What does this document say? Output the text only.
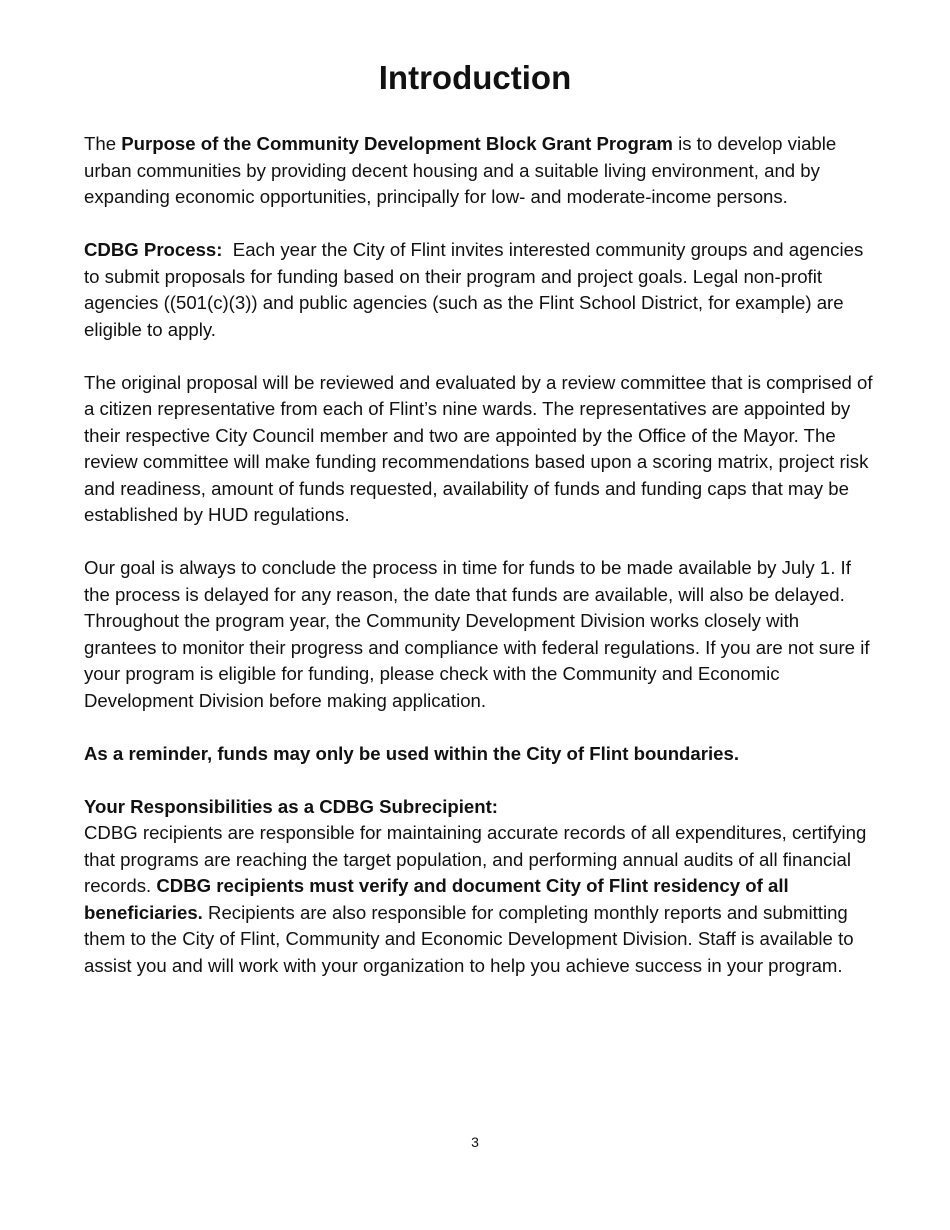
Introduction

The Purpose of the Community Development Block Grant Program is to develop viable urban communities by providing decent housing and a suitable living environment, and by expanding economic opportunities, principally for low- and moderate-income persons.

CDBG Process:  Each year the City of Flint invites interested community groups and agencies to submit proposals for funding based on their program and project goals. Legal non-profit agencies ((501(c)(3)) and public agencies (such as the Flint School District, for example) are eligible to apply.

The original proposal will be reviewed and evaluated by a review committee that is comprised of a citizen representative from each of Flint’s nine wards. The representatives are appointed by their respective City Council member and two are appointed by the Office of the Mayor. The review committee will make funding recommendations based upon a scoring matrix, project risk and readiness, amount of funds requested, availability of funds and funding caps that may be established by HUD regulations.

Our goal is always to conclude the process in time for funds to be made available by July 1. If the process is delayed for any reason, the date that funds are available, will also be delayed. Throughout the program year, the Community Development Division works closely with grantees to monitor their progress and compliance with federal regulations. If you are not sure if your program is eligible for funding, please check with the Community and Economic Development Division before making application.

As a reminder, funds may only be used within the City of Flint boundaries.

Your Responsibilities as a CDBG Subrecipient:
CDBG recipients are responsible for maintaining accurate records of all expenditures, certifying that programs are reaching the target population, and performing annual audits of all financial records. CDBG recipients must verify and document City of Flint residency of all beneficiaries. Recipients are also responsible for completing monthly reports and submitting them to the City of Flint, Community and Economic Development Division. Staff is available to assist you and will work with your organization to help you achieve success in your program.

3
